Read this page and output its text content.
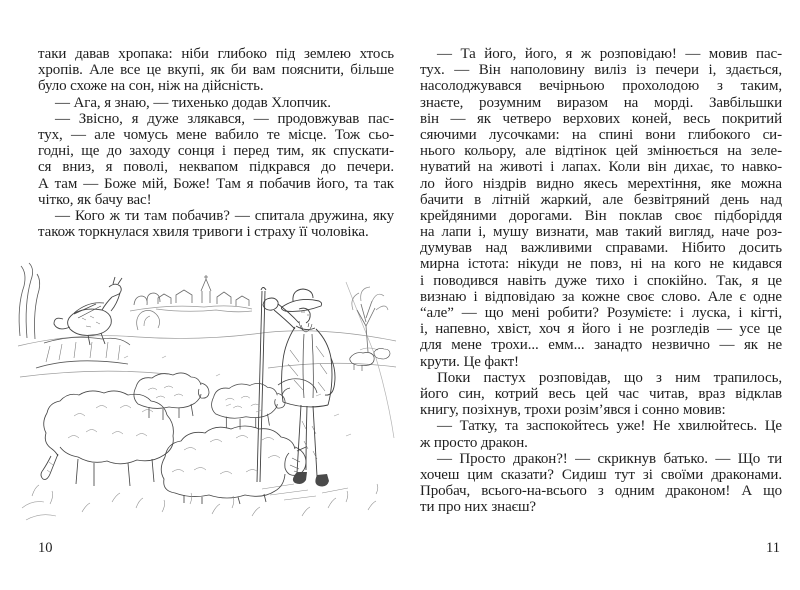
таки давав хропака: ніби глибоко під землею хтось
хропів. Але все це вкупі, як би вам пояснити, більше
було схоже на сон, ніж на дійсність.
— Ага, я знаю, — тихенько додав Хлопчик.
— Звісно, я дуже злякався, — продовжував пас-
тух, — але чомусь мене вабило те місце. Тож сьо-
годні, ще до заходу сонця і перед тим, як спускати-
ся вниз, я поволі, неквапом підкрався до печери.
А там — Боже мій, Боже! Там я побачив його, та так
чітко, як бачу вас!
— Кого ж ти там побачив? — спитала дружина, яку
також торкнулася хвиля тривоги і страху її чоловіка.
— Та його, його, я ж розповідаю! — мовив пас-
тух. — Він наполовину виліз із печери і, здається,
насолоджувався вечірньою прохолодою з таким,
знаєте, розумним виразом на морді. Завбільшки
він — як четверо верхових коней, весь покритий
сяючими лусочками: на спині вони глибокого си-
нього кольору, але відтінок цей змінюється на зеле-
нуватий на животі і лапах. Коли він дихає, то навко-
ло його ніздрів видно якесь мерехтіння, яке можна
бачити в літній жаркий, але безвітряний день над
крейдяними дорогами. Він поклав своє підборіддя
на лапи і, мушу визнати, мав такий вигляд, наче роз-
думував над важливими справами. Нібито досить
мирна істота: нікуди не повз, ні на кого не кидався
і поводився навіть дуже тихо і спокійно. Так, я це
визнаю і відповідаю за кожне своє слово. Але є одне
“але” — що мені робити? Розумієте: і луска, і кігті,
і, напевно, хвіст, хоч я його і не розгледів — усе це
для мене трохи... емм... занадто незвично — як не
крути. Це факт!
Поки пастух розповідав, що з ним трапилось,
його син, котрий весь цей час читав, враз відклав
книгу, позіхнув, трохи розім’явся і сонно мовив:
— Татку, та заспокойтесь уже! Не хвилюйтесь. Це
ж просто дракон.
— Просто дракон?! — скрикнув батько. — Що ти
хочеш цим сказати? Сидиш тут зі своїми драконами.
Пробач, всього-на-всього з одним драконом! А що
ти про них знаєш?
10	11
